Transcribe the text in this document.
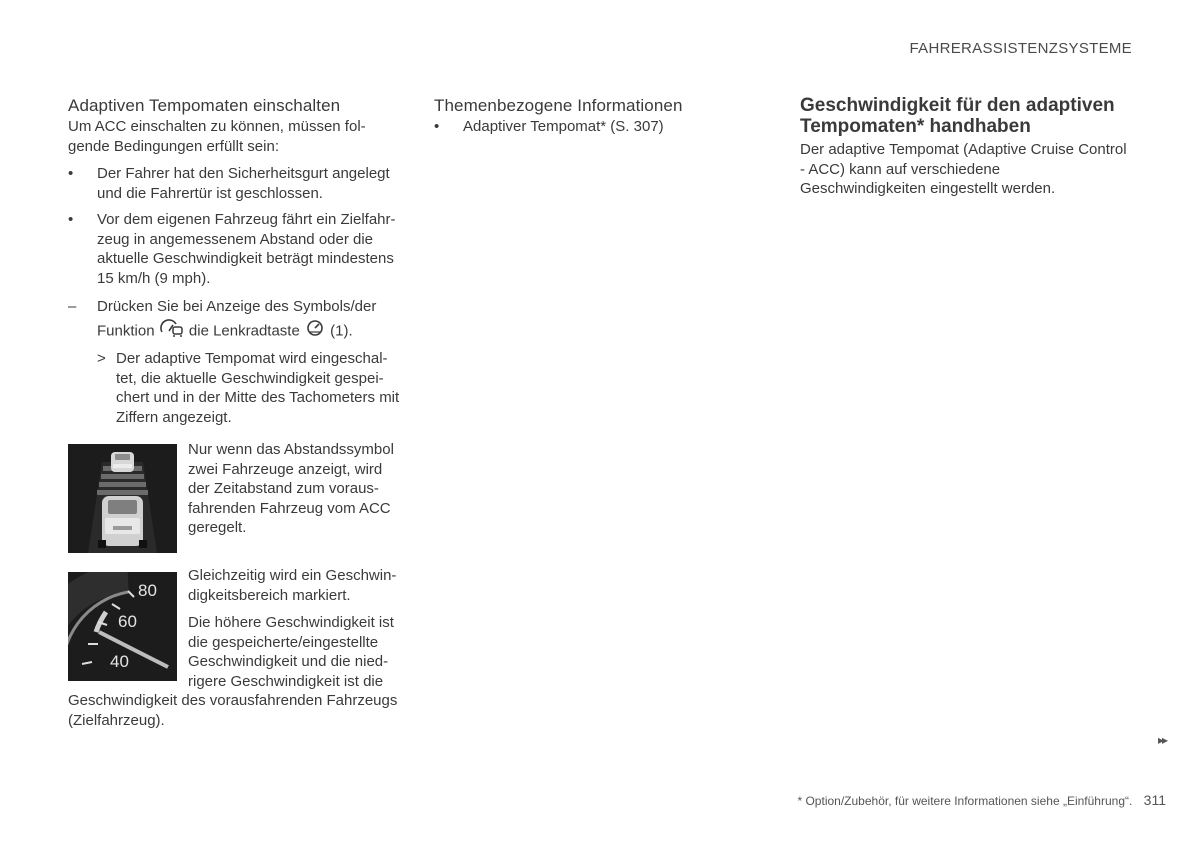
FAHRERASSISTENZSYSTEME
Adaptiven Tempomaten einschalten

Um ACC einschalten zu können, müssen fol-
gende Bedingungen erfüllt sein:

• Der Fahrer hat den Sicherheitsgurt angelegt und die Fahrertür ist geschlossen.
• Vor dem eigenen Fahrzeug fährt ein Zielfahr-zeug in angemessenem Abstand oder die aktuelle Geschwindigkeit beträgt mindestens 15 km/h (9 mph).
– Drücken Sie bei Anzeige des Symbols/der Funktion die Lenkradtaste (1).
> Der adaptive Tempomat wird eingeschal-tet, die aktuelle Geschwindigkeit gespei-chert und in der Mitte des Tachometers mit Ziffern angezeigt.

Nur wenn das Abstandssymbol zwei Fahrzeuge anzeigt, wird der Zeitabstand zum voraus-fahrenden Fahrzeug vom ACC geregelt.

80
60
40

Gleichzeitig wird ein Geschwin-digkeitsbereich markiert.

Die höhere Geschwindigkeit ist die gespeicherte/eingestellte Geschwindigkeit und die nied-rigere Geschwindigkeit ist die

Geschwindigkeit des vorausfahrenden Fahrzeugs (Zielfahrzeug).

Themenbezogene Informationen
• Adaptiver Tempomat* (S. 307)
Geschwindigkeit für den adaptiven Tempomaten* handhaben

Der adaptive Tempomat (Adaptive Cruise Control - ACC) kann auf verschiedene Geschwindigkeiten eingestellt werden.

▸▸
* Option/Zubehör, für weitere Informationen siehe „Einführung“. 311
